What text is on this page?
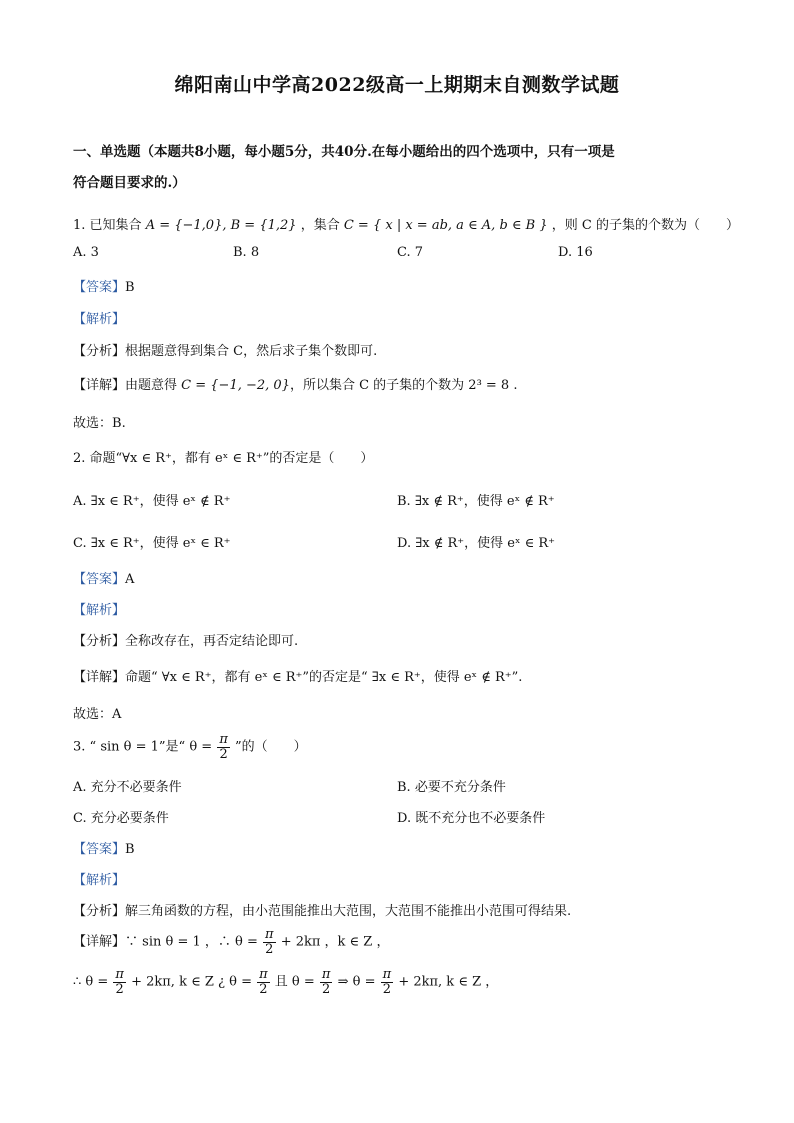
绵阳南山中学高2022级高一上期期末自测数学试题
一、单选题（本题共8小题，每小题5分，共40分.在每小题给出的四个选项中，只有一项是
符合题目要求的.）
1. 已知集合 A = {−1,0}, B = {1,2} ，集合 C = { x | x = ab, a ∈ A, b ∈ B } ，则 C 的子集的个数为（　　）
A. 3	B. 8	C. 7	D. 16
【答案】B
【解析】
【分析】根据题意得到集合 C，然后求子集个数即可.
【详解】由题意得 C = {−1, −2, 0}，所以集合 C 的子集的个数为 2³ = 8 .
故选：B.
2. 命题“∀x ∈ R⁺，都有 eˣ ∈ R⁺”的否定是（　　）
A. ∃x ∈ R⁺，使得 eˣ ∉ R⁺	B. ∃x ∉ R⁺，使得 eˣ ∉ R⁺
C. ∃x ∈ R⁺，使得 eˣ ∈ R⁺	D. ∃x ∉ R⁺，使得 eˣ ∈ R⁺
【答案】A
【解析】
【分析】全称改存在，再否定结论即可.
【详解】命题“ ∀x ∈ R⁺，都有 eˣ ∈ R⁺”的否定是“ ∃x ∈ R⁺，使得 eˣ ∉ R⁺”.
故选：A
3. “ sin θ = 1”是“ $\theta = \frac{\pi}{2}$ ”的（　　）
A. 充分不必要条件	B. 必要不充分条件
C. 充分必要条件	D. 既不充分也不必要条件
【答案】B
【解析】
【分析】解三角函数的方程，由小范围能推出大范围，大范围不能推出小范围可得结果.
【详解】∵ sin θ = 1 ，∴ $\theta = \frac{\pi}{2} + 2k\pi$ ，k ∈ Z ，
∴ $\theta = \frac{\pi}{2} + 2k\pi$, k ∈ Z ¿ $\theta = \frac{\pi}{2}$ 且 $\theta = \frac{\pi}{2}$ ⇒ $\theta = \frac{\pi}{2} + 2k\pi$, k ∈ Z ，
